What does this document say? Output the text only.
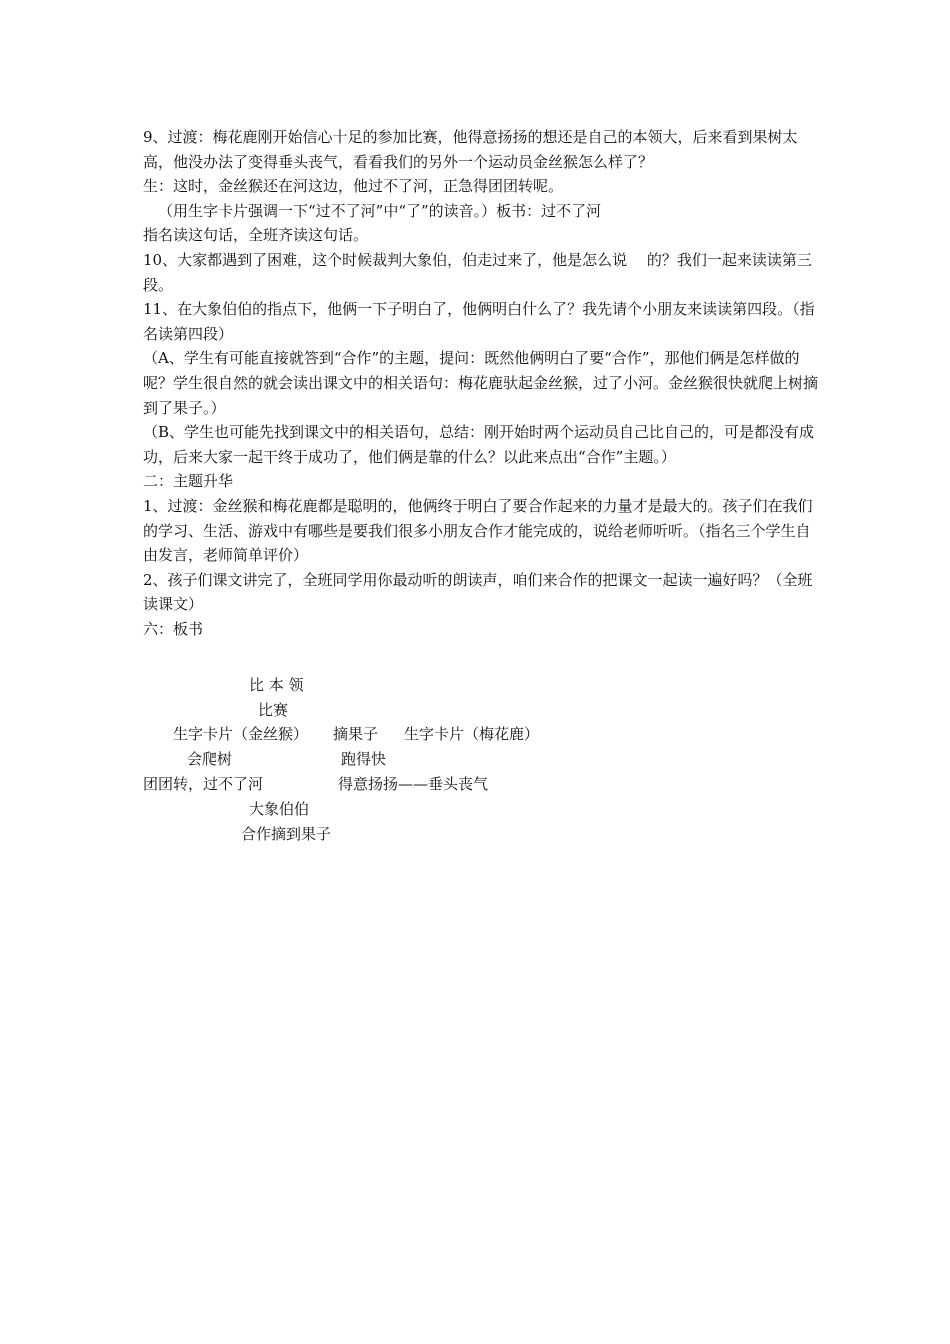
9、过渡：梅花鹿刚开始信心十足的参加比赛，他得意扬扬的想还是自己的本领大，后来看到果树太高，他没办法了变得垂头丧气，看看我们的另外一个运动员金丝猴怎么样了？

生：这时，金丝猴还在河这边，他过不了河，正急得团团转呢。

（用生字卡片强调一下“过不了河”中“了”的读音。）板书：过不了河

指名读这句话，全班齐读这句话。

10、大家都遇到了困难，这个时候裁判大象伯，伯走过来了，他是怎么说　 的？我们一起来读读第三段。

11、在大象伯伯的指点下，他俩一下子明白了，他俩明白什么了？我先请个小朋友来读读第四段。（指名读第四段）

（A、学生有可能直接就答到“合作”的主题，提问：既然他俩明白了要“合作”，那他们俩是怎样做的呢？学生很自然的就会读出课文中的相关语句：梅花鹿驮起金丝猴，过了小河。金丝猴很快就爬上树摘到了果子。）

（B、学生也可能先找到课文中的相关语句，总结：刚开始时两个运动员自己比自己的，可是都没有成功，后来大家一起干终于成功了，他们俩是靠的什么？以此来点出“合作”主题。）

二：主题升华

1、过渡：金丝猴和梅花鹿都是聪明的，他俩终于明白了要合作起来的力量才是最大的。孩子们在我们的学习、生活、游戏中有哪些是要我们很多小朋友合作才能完成的，说给老师听听。（指名三个学生自由发言，老师简单评价）

2、孩子们课文讲完了，全班同学用你最动听的朗读声，咱们来合作的把课文一起读一遍好吗？（全班读课文）

六：板书

比 本 领
比赛
生字卡片（金丝猴） 摘果子 生字卡片（梅花鹿）
会爬树	跑得快
团团转，过不了河	得意扬扬——垂头丧气
大象伯伯
合作摘到果子
